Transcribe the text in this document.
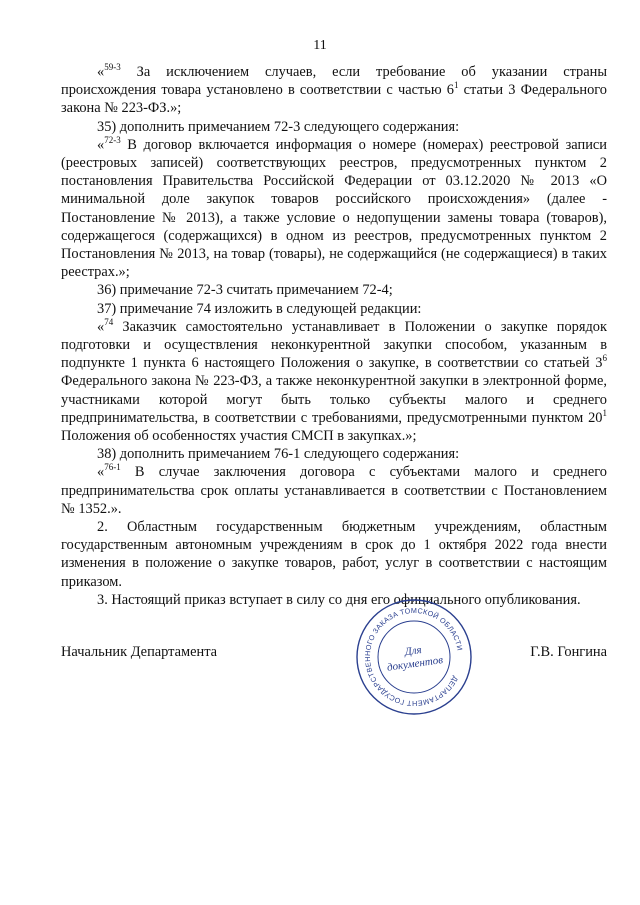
11

«$^{59-3}$ За исключением случаев, если требование об указании страны происхождения товара установлено в соответствии с частью $6^1$ статьи 3 Федерального закона № 223-ФЗ.»;

35) дополнить примечанием 72-3 следующего содержания:

«$^{72-3}$ В договор включается информация о номере (номерах) реестровой записи (реестровых записей) соответствующих реестров, предусмотренных пунктом 2 постановления Правительства Российской Федерации от 03.12.2020 № 2013 «О минимальной доле закупок товаров российского происхождения» (далее - Постановление № 2013), а также условие о недопущении замены товара (товаров), содержащегося (содержащихся) в одном из реестров, предусмотренных пунктом 2 Постановления № 2013, на товар (товары), не содержащийся (не содержащиеся) в таких реестрах.»;

36) примечание 72-3 считать примечанием 72-4;

37) примечание 74 изложить в следующей редакции:

«$^{74}$ Заказчик самостоятельно устанавливает в Положении о закупке порядок подготовки и осуществления неконкурентной закупки способом, указанным в подпункте 1 пункта 6 настоящего Положения о закупке, в соответствии со статьей $3^6$ Федерального закона № 223-ФЗ, а также неконкурентной закупки в электронной форме, участниками которой могут быть только субъекты малого и среднего предпринимательства, в соответствии с требованиями, предусмотренными пунктом $20^1$ Положения об особенностях участия СМСП в закупках.»;

38) дополнить примечанием 76-1 следующего содержания:

«$^{76-1}$ В случае заключения договора с субъектами малого и среднего предпринимательства срок оплаты устанавливается в соответствии с Постановлением № 1352.».

2. Областным государственным бюджетным учреждениям, областным государственным автономным учреждениям в срок до 1 октября 2022 года внести изменения в положение о закупке товаров, работ, услуг в соответствии с настоящим приказом.

3. Настоящий приказ вступает в силу со дня его официального опубликования.

Начальник Департамента	Г.В. Гонгина
ДЕПАРТАМЕНТ ГОСУДАРСТВЕННОГО ЗАКАЗА ТОМСКОЙ ОБЛАСТИ
Для
документов
